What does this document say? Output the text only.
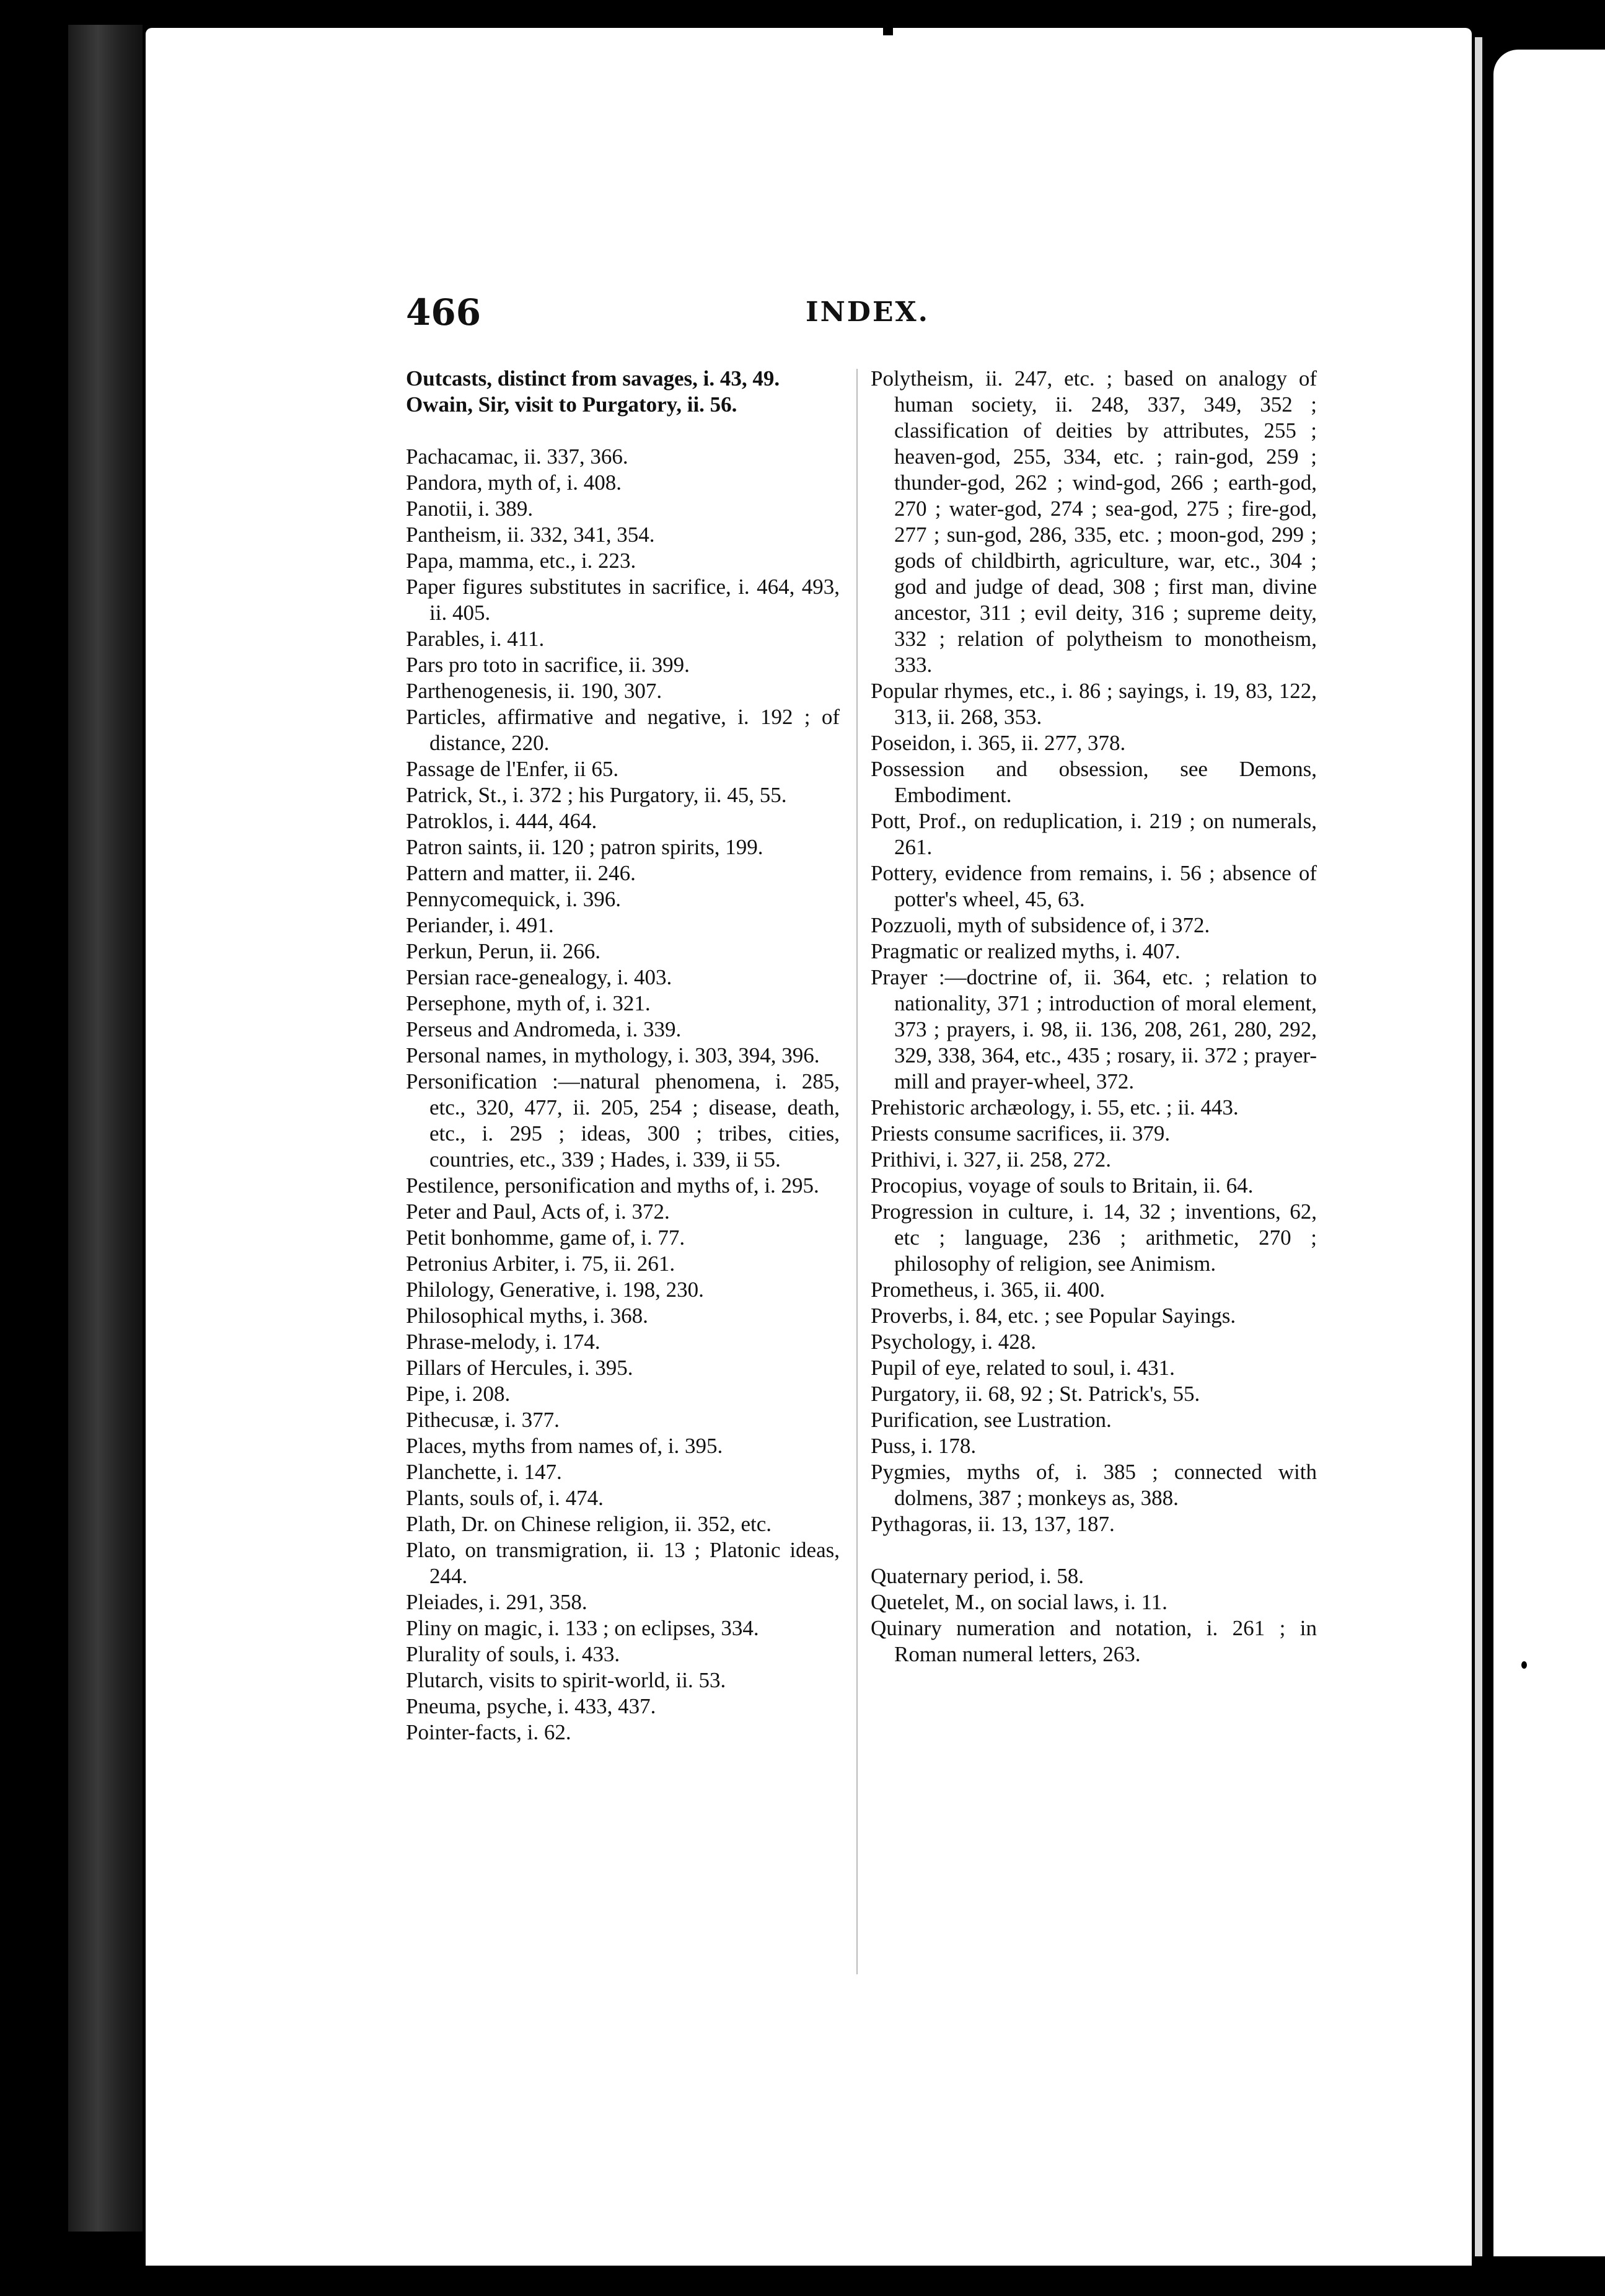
466	INDEX.

Outcasts, distinct from savages, i. 43, 49.

Owain, Sir, visit to Purgatory, ii. 56.

Pachacamac, ii. 337, 366.

Pandora, myth of, i. 408.

Panotii, i. 389.

Pantheism, ii. 332, 341, 354.

Papa, mamma, etc., i. 223.

Paper figures substitutes in sacrifice, i. 464, 493, ii. 405.

Parables, i. 411.

Pars pro toto in sacrifice, ii. 399.

Parthenogenesis, ii. 190, 307.

Particles, affirmative and negative, i. 192 ; of distance, 220.

Passage de l'Enfer, ii 65.

Patrick, St., i. 372 ; his Purgatory, ii. 45, 55.

Patroklos, i. 444, 464.

Patron saints, ii. 120 ; patron spirits, 199.

Pattern and matter, ii. 246.

Pennycomequick, i. 396.

Periander, i. 491.

Perkun, Perun, ii. 266.

Persian race-genealogy, i. 403.

Persephone, myth of, i. 321.

Perseus and Andromeda, i. 339.

Personal names, in mythology, i. 303, 394, 396.

Personification :—natural phenomena, i. 285, etc., 320, 477, ii. 205, 254 ; disease, death, etc., i. 295 ; ideas, 300 ; tribes, cities, countries, etc., 339 ; Hades, i. 339, ii 55.

Pestilence, personification and myths of, i. 295.

Peter and Paul, Acts of, i. 372.

Petit bonhomme, game of, i. 77.

Petronius Arbiter, i. 75, ii. 261.

Philology, Generative, i. 198, 230.

Philosophical myths, i. 368.

Phrase-melody, i. 174.

Pillars of Hercules, i. 395.

Pipe, i. 208.

Pithecusæ, i. 377.

Places, myths from names of, i. 395.

Planchette, i. 147.

Plants, souls of, i. 474.

Plath, Dr. on Chinese religion, ii. 352, etc.

Plato, on transmigration, ii. 13 ; Platonic ideas, 244.

Pleiades, i. 291, 358.

Pliny on magic, i. 133 ; on eclipses, 334.

Plurality of souls, i. 433.

Plutarch, visits to spirit-world, ii. 53.

Pneuma, psyche, i. 433, 437.

Pointer-facts, i. 62.

Polytheism, ii. 247, etc. ; based on analogy of human society, ii. 248, 337, 349, 352 ; classification of deities by attributes, 255 ; heaven-god, 255, 334, etc. ; rain-god, 259 ; thunder-god, 262 ; wind-god, 266 ; earth-god, 270 ; water-god, 274 ; sea-god, 275 ; fire-god, 277 ; sun-god, 286, 335, etc. ; moon-god, 299 ; gods of childbirth, agriculture, war, etc., 304 ; god and judge of dead, 308 ; first man, divine ancestor, 311 ; evil deity, 316 ; supreme deity, 332 ; relation of polytheism to monotheism, 333.

Popular rhymes, etc., i. 86 ; sayings, i. 19, 83, 122, 313, ii. 268, 353.

Poseidon, i. 365, ii. 277, 378.

Possession and obsession, see Demons, Embodiment.

Pott, Prof., on reduplication, i. 219 ; on numerals, 261.

Pottery, evidence from remains, i. 56 ; absence of potter's wheel, 45, 63.

Pozzuoli, myth of subsidence of, i 372.

Pragmatic or realized myths, i. 407.

Prayer :—doctrine of, ii. 364, etc. ; relation to nationality, 371 ; introduction of moral element, 373 ; prayers, i. 98, ii. 136, 208, 261, 280, 292, 329, 338, 364, etc., 435 ; rosary, ii. 372 ; prayer-mill and prayer-wheel, 372.

Prehistoric archæology, i. 55, etc. ; ii. 443.

Priests consume sacrifices, ii. 379.

Prithivi, i. 327, ii. 258, 272.

Procopius, voyage of souls to Britain, ii. 64.

Progression in culture, i. 14, 32 ; inventions, 62, etc ; language, 236 ; arithmetic, 270 ; philosophy of religion, see Animism.

Prometheus, i. 365, ii. 400.

Proverbs, i. 84, etc. ; see Popular Sayings.

Psychology, i. 428.

Pupil of eye, related to soul, i. 431.

Purgatory, ii. 68, 92 ; St. Patrick's, 55.

Purification, see Lustration.

Puss, i. 178.

Pygmies, myths of, i. 385 ; connected with dolmens, 387 ; monkeys as, 388.

Pythagoras, ii. 13, 137, 187.

Quaternary period, i. 58.

Quetelet, M., on social laws, i. 11.

Quinary numeration and notation, i. 261 ; in Roman numeral letters, 263.
